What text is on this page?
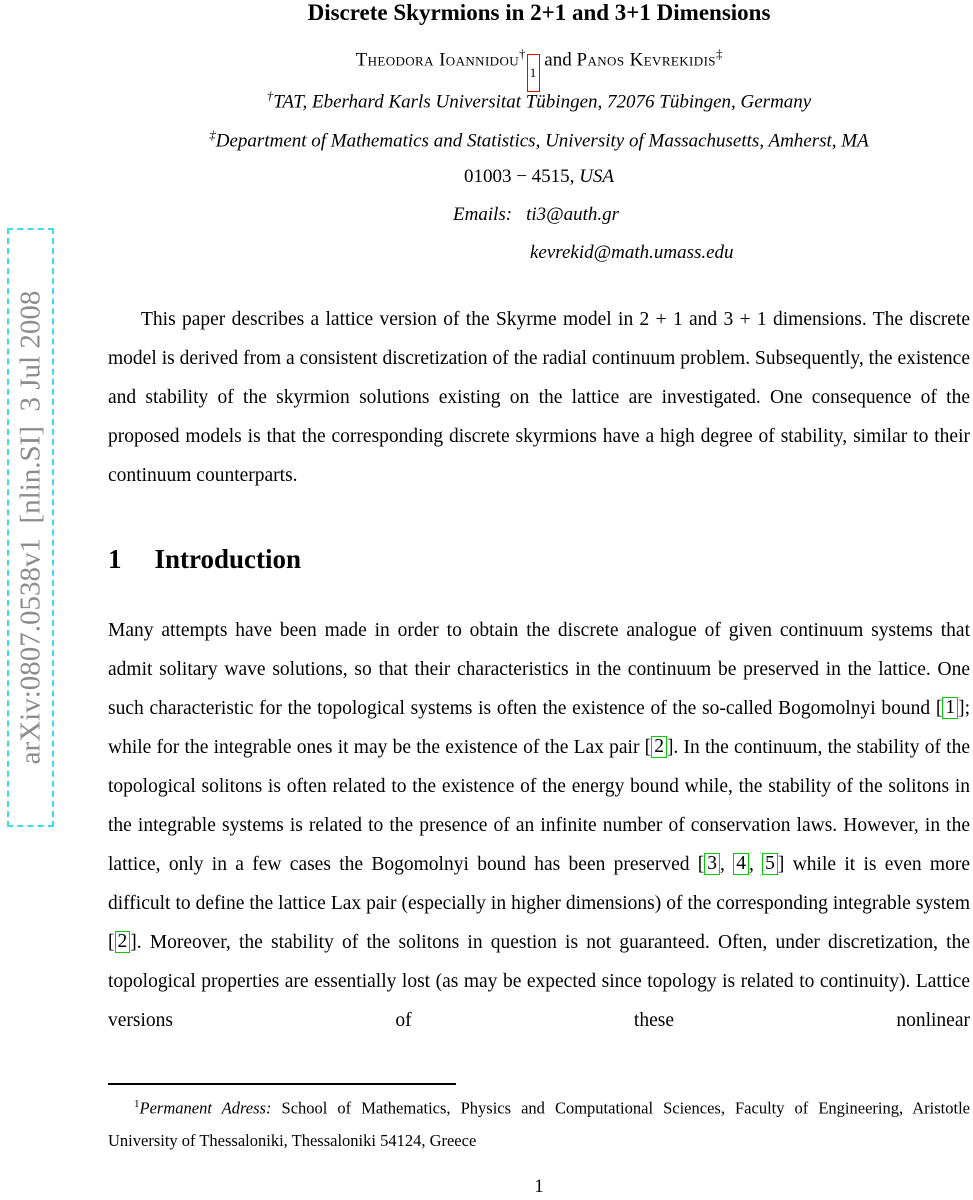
arXiv:0807.0538v1  [nlin.SI]  3 Jul 2008
Discrete Skyrmions in 2+1 and 3+1 Dimensions
Theodora Ioannidou†
1
and Panos Kevrekidis‡
†TAT, Eberhard Karls Universitat Tübingen, 72076 Tübingen, Germany
‡Department of Mathematics and Statistics, University of Massachusetts, Amherst, MA
01003 − 4515, USA
Emails: ti3@auth.gr
kevrekid@math.umass.edu

This paper describes a lattice version of the Skyrme model in 2 + 1 and 3 + 1 dimensions. The discrete model is derived from a consistent discretization of the radial continuum problem. Subsequently, the existence and stability of the skyrmion solutions existing on the lattice are investigated. One consequence of the proposed models is that the corresponding discrete skyrmions have a high degree of stability, similar to their continuum counterparts.

1 Introduction

Many attempts have been made in order to obtain the discrete analogue of given continuum systems that admit solitary wave solutions, so that their characteristics in the continuum be preserved in the lattice. One such characteristic for the topological systems is often the existence of the so-called Bogomolnyi bound [ 1 ]; while for the integrable ones it may be the existence of the Lax pair [ 2 ]. In the continuum, the stability of the topological solitons is often related to the existence of the energy bound while, the stability of the solitons in the integrable systems is related to the presence of an infinite number of conservation laws. However, in the lattice, only in a few cases the Bogomolnyi bound has been preserved [ 3 , 4 , 5 ] while it is even more difficult to define the lattice Lax pair (especially in higher dimensions) of the corresponding integrable system [ 2 ]. Moreover, the stability of the solitons in question is not guaranteed. Often, under discretization, the topological properties are essentially lost (as may be expected since topology is related to continuity). Lattice versions of these nonlinear

$^1$Permanent Adress: School of Mathematics, Physics and Computational Sciences, Faculty of Engineering, Aristotle University of Thessaloniki, Thessaloniki 54124, Greece

1
